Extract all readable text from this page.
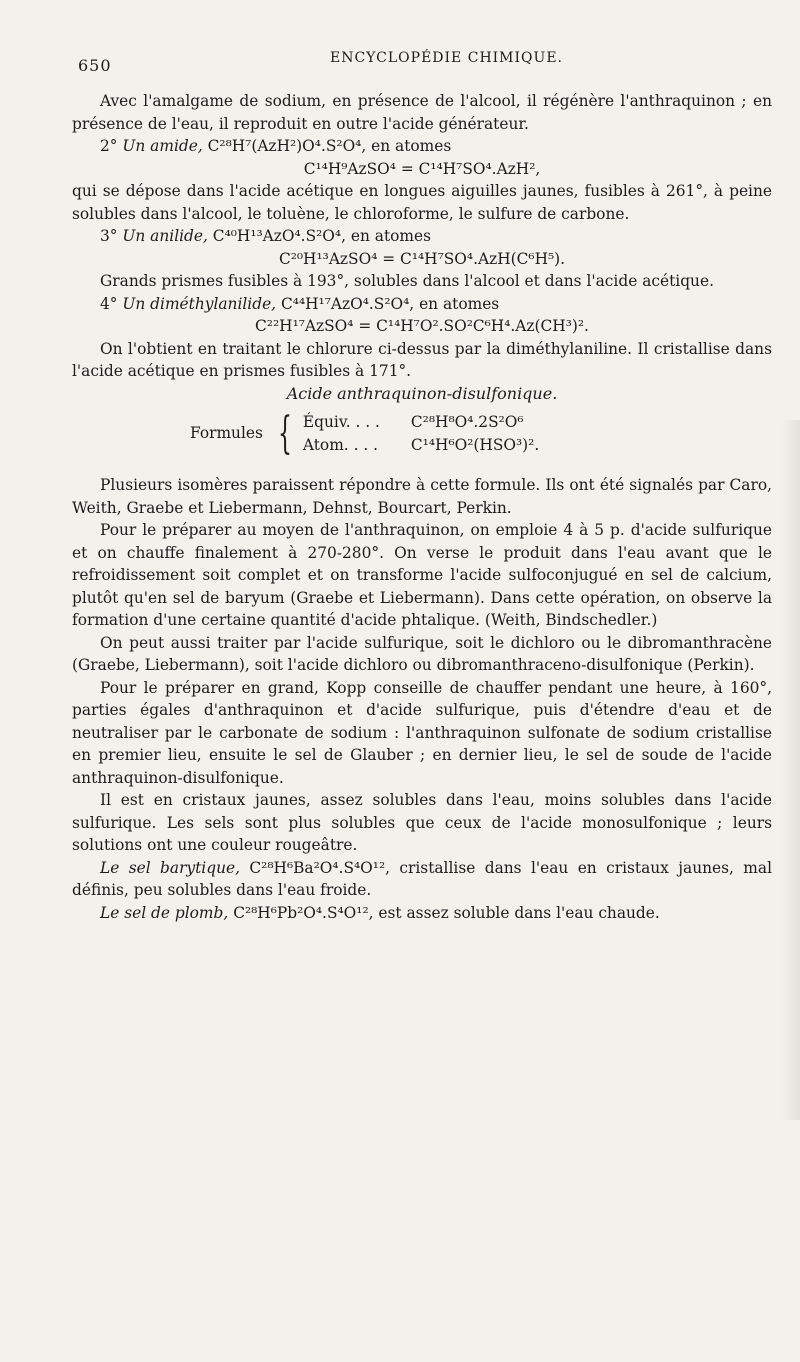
650	ENCYCLOPÉDIE CHIMIQUE.

Avec l'amalgame de sodium, en présence de l'alcool, il régénère l'anthraquinon ; en présence de l'eau, il reproduit en outre l'acide générateur.

2° Un amide, C²⁸H⁷(AzH²)O⁴.S²O⁴, en atomes

C¹⁴H⁹AzSO⁴ = C¹⁴H⁷SO⁴.AzH²,

qui se dépose dans l'acide acétique en longues aiguilles jaunes, fusibles à 261°, à peine solubles dans l'alcool, le toluène, le chloroforme, le sulfure de carbone.

3° Un anilide, C⁴⁰H¹³AzO⁴.S²O⁴, en atomes

C²⁰H¹³AzSO⁴ = C¹⁴H⁷SO⁴.AzH(C⁶H⁵).

Grands prismes fusibles à 193°, solubles dans l'alcool et dans l'acide acétique.

4° Un diméthylanilide, C⁴⁴H¹⁷AzO⁴.S²O⁴, en atomes

C²²H¹⁷AzSO⁴ = C¹⁴H⁷O².SO²C⁶H⁴.Az(CH³)².

On l'obtient en traitant le chlorure ci-dessus par la diméthylaniline. Il cristallise dans l'acide acétique en prismes fusibles à 171°.

Acide anthraquinon-disulfonique.

Formules { Équiv. . . .	C²⁸H⁸O⁴.2S²O⁶
Atom. . . .	C¹⁴H⁶O²(HSO³)².

Plusieurs isomères paraissent répondre à cette formule. Ils ont été signalés par Caro, Weith, Graebe et Liebermann, Dehnst, Bourcart, Perkin.

Pour le préparer au moyen de l'anthraquinon, on emploie 4 à 5 p. d'acide sulfurique et on chauffe finalement à 270-280°. On verse le produit dans l'eau avant que le refroidissement soit complet et on transforme l'acide sulfoconjugué en sel de calcium, plutôt qu'en sel de baryum (Graebe et Liebermann). Dans cette opération, on observe la formation d'une certaine quantité d'acide phtalique. (Weith, Bindschedler.)

On peut aussi traiter par l'acide sulfurique, soit le dichloro ou le dibromanthracène (Graebe, Liebermann), soit l'acide dichloro ou dibromanthraceno-disulfonique (Perkin).

Pour le préparer en grand, Kopp conseille de chauffer pendant une heure, à 160°, parties égales d'anthraquinon et d'acide sulfurique, puis d'étendre d'eau et de neutraliser par le carbonate de sodium : l'anthraquinon sulfonate de sodium cristallise en premier lieu, ensuite le sel de Glauber ; en dernier lieu, le sel de soude de l'acide anthraquinon-disulfonique.

Il est en cristaux jaunes, assez solubles dans l'eau, moins solubles dans l'acide sulfurique. Les sels sont plus solubles que ceux de l'acide monosulfonique ; leurs solutions ont une couleur rougeâtre.

Le sel barytique, C²⁸H⁶Ba²O⁴.S⁴O¹², cristallise dans l'eau en cristaux jaunes, mal définis, peu solubles dans l'eau froide.

Le sel de plomb, C²⁸H⁶Pb²O⁴.S⁴O¹², est assez soluble dans l'eau chaude.
